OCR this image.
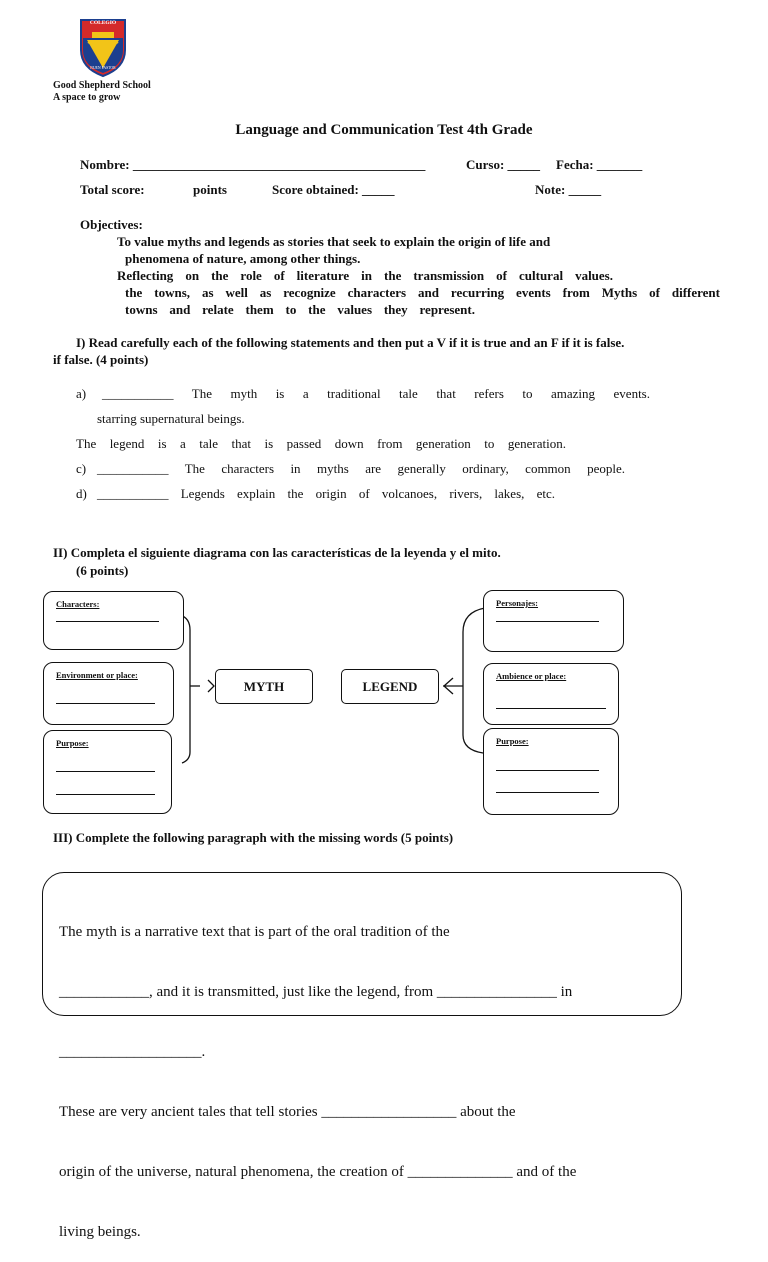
COLEGIO
BUEN PASTOR
Good Shepherd School
A space to grow
Language and Communication Test 4th Grade
Nombre: _____________________________________________	Curso: _____ Fecha: _______
Total score:	points	Score obtained: _____	Note: _____
Objectives:
To value myths and legends as stories that seek to explain the origin of life and
phenomena of nature, among other things.
Reflecting on the role of literature in the transmission of cultural values.
the towns, as well as recognize characters and recurring events from Myths of different
towns and relate them to the values they represent.
I) Read carefully each of the following statements and then put a V if it is true and an F if it is false.
if false. (4 points)
a) ___________ The myth is a traditional tale that refers to amazing events.
starring supernatural beings.
The legend is a tale that is passed down from generation to generation.
c) ___________ The characters in myths are generally ordinary, common people.
d) ___________ Legends explain the origin of volcanoes, rivers, lakes, etc.
II) Completa el siguiente diagrama con las características de la leyenda y el mito.
(6 points)
Characters:
Environment or place:
Purpose:
MYTH	LEGEND
Personajes:
Ambience or place:
Purpose:
III) Complete the following paragraph with the missing words (5 points)

The myth is a narrative text that is part of the oral tradition of the

____________, and it is transmitted, just like the legend, from ________________ in

___________________.

These are very ancient tales that tell stories __________________ about the

origin of the universe, natural phenomena, the creation of ______________ and of the

living beings.
